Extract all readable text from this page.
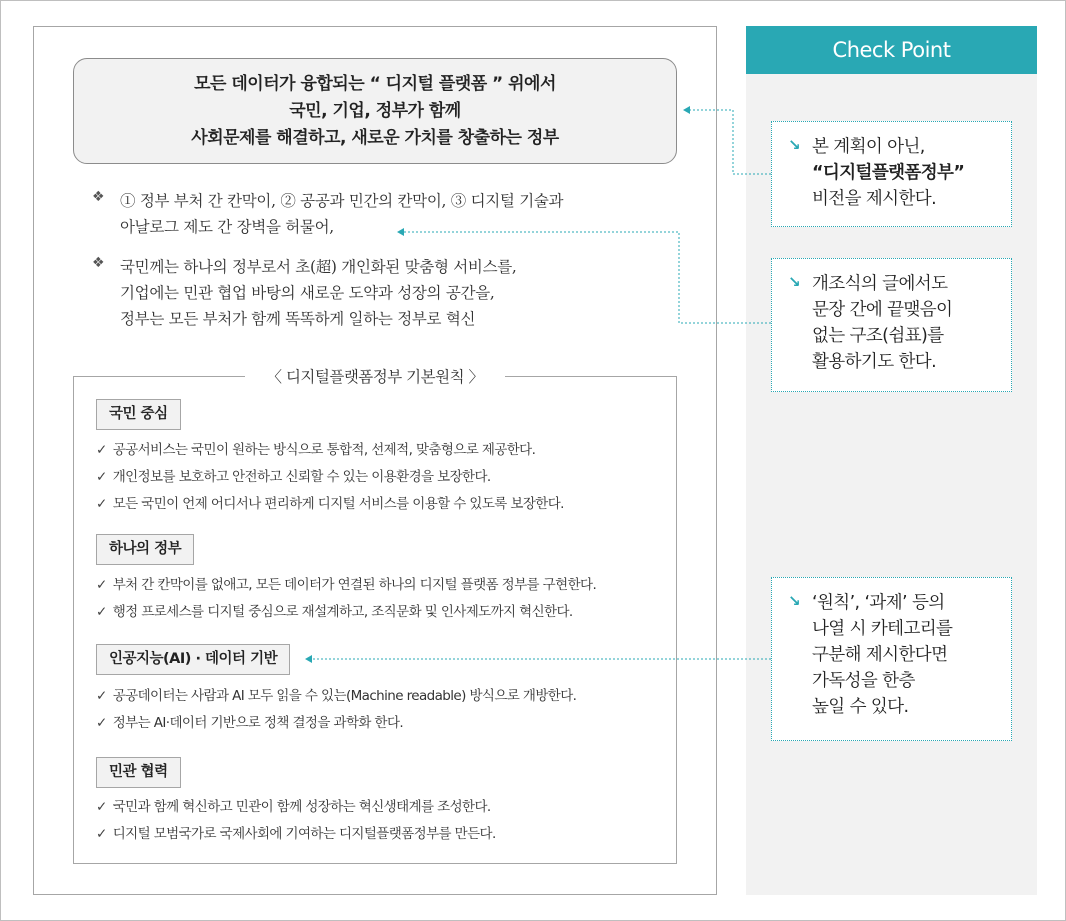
모든 데이터가 융합되는 “ 디지털 플랫폼 ” 위에서
국민, 기업, 정부가 함께
사회문제를 해결하고, 새로운 가치를 창출하는 정부
❖ ① 정부 부처 간 칸막이, ② 공공과 민간의 칸막이, ③ 디지털 기술과
아날로그 제도 간 장벽을 허물어,
❖ 국민께는 하나의 정부로서 초(超) 개인화된 맞춤형 서비스를,
기업에는 민관 협업 바탕의 새로운 도약과 성장의 공간을,
정부는 모든 부처가 함께 똑똑하게 일하는 정부로 혁신
〈 디지털플랫폼정부 기본원칙 〉
국민 중심
✓ 공공서비스는 국민이 원하는 방식으로 통합적, 선제적, 맞춤형으로 제공한다.
✓ 개인정보를 보호하고 안전하고 신뢰할 수 있는 이용환경을 보장한다.
✓ 모든 국민이 언제 어디서나 편리하게 디지털 서비스를 이용할 수 있도록 보장한다.
하나의 정부
✓ 부처 간 칸막이를 없애고, 모든 데이터가 연결된 하나의 디지털 플랫폼 정부를 구현한다.
✓ 행정 프로세스를 디지털 중심으로 재설계하고, 조직문화 및 인사제도까지 혁신한다.
인공지능(AI) · 데이터 기반
✓ 공공데이터는 사람과 AI 모두 읽을 수 있는(Machine readable) 방식으로 개방한다.
✓ 정부는 AI·데이터 기반으로 정책 결정을 과학화 한다.
민관 협력
✓ 국민과 함께 혁신하고 민관이 함께 성장하는 혁신생태계를 조성한다.
✓ 디지털 모범국가로 국제사회에 기여하는 디지털플랫폼정부를 만든다.
Check Point
↘ 본 계획이 아닌,
“디지털플랫폼정부”
비전을 제시한다.
↘ 개조식의 글에서도
문장 간에 끝맺음이
없는 구조(쉼표)를
활용하기도 한다.
↘ ‘원칙’, ‘과제’ 등의
나열 시 카테고리를
구분해 제시한다면
가독성을 한층
높일 수 있다.
